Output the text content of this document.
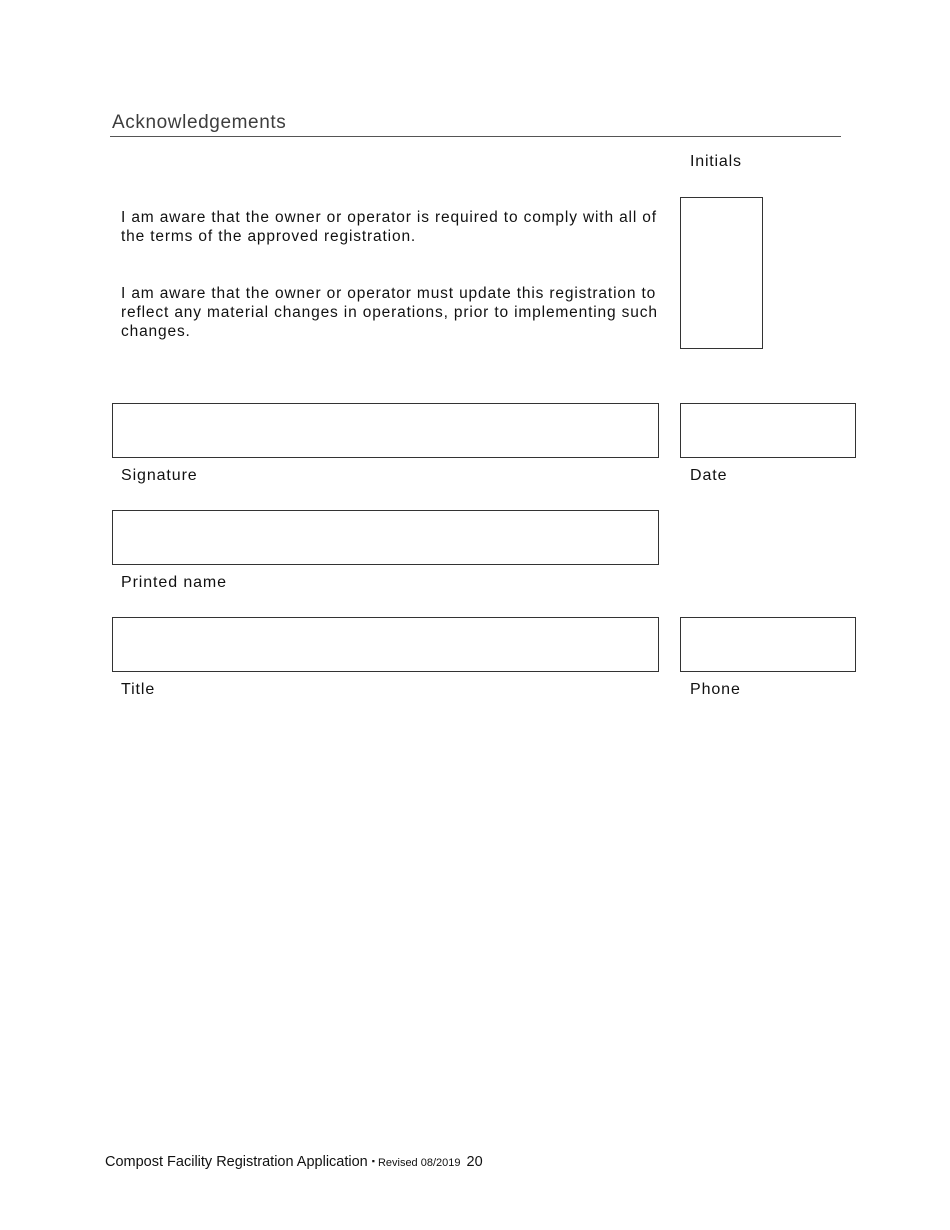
Acknowledgements
Initials
I am aware that the owner or operator is required to comply with all of the terms of the approved registration.
I am aware that the owner or operator must update this registration to reflect any material changes in operations, prior to implementing such changes.
Signature	Date
Printed name
Title	Phone
Compost Facility Registration Application ▪ Revised 08/2019 20
